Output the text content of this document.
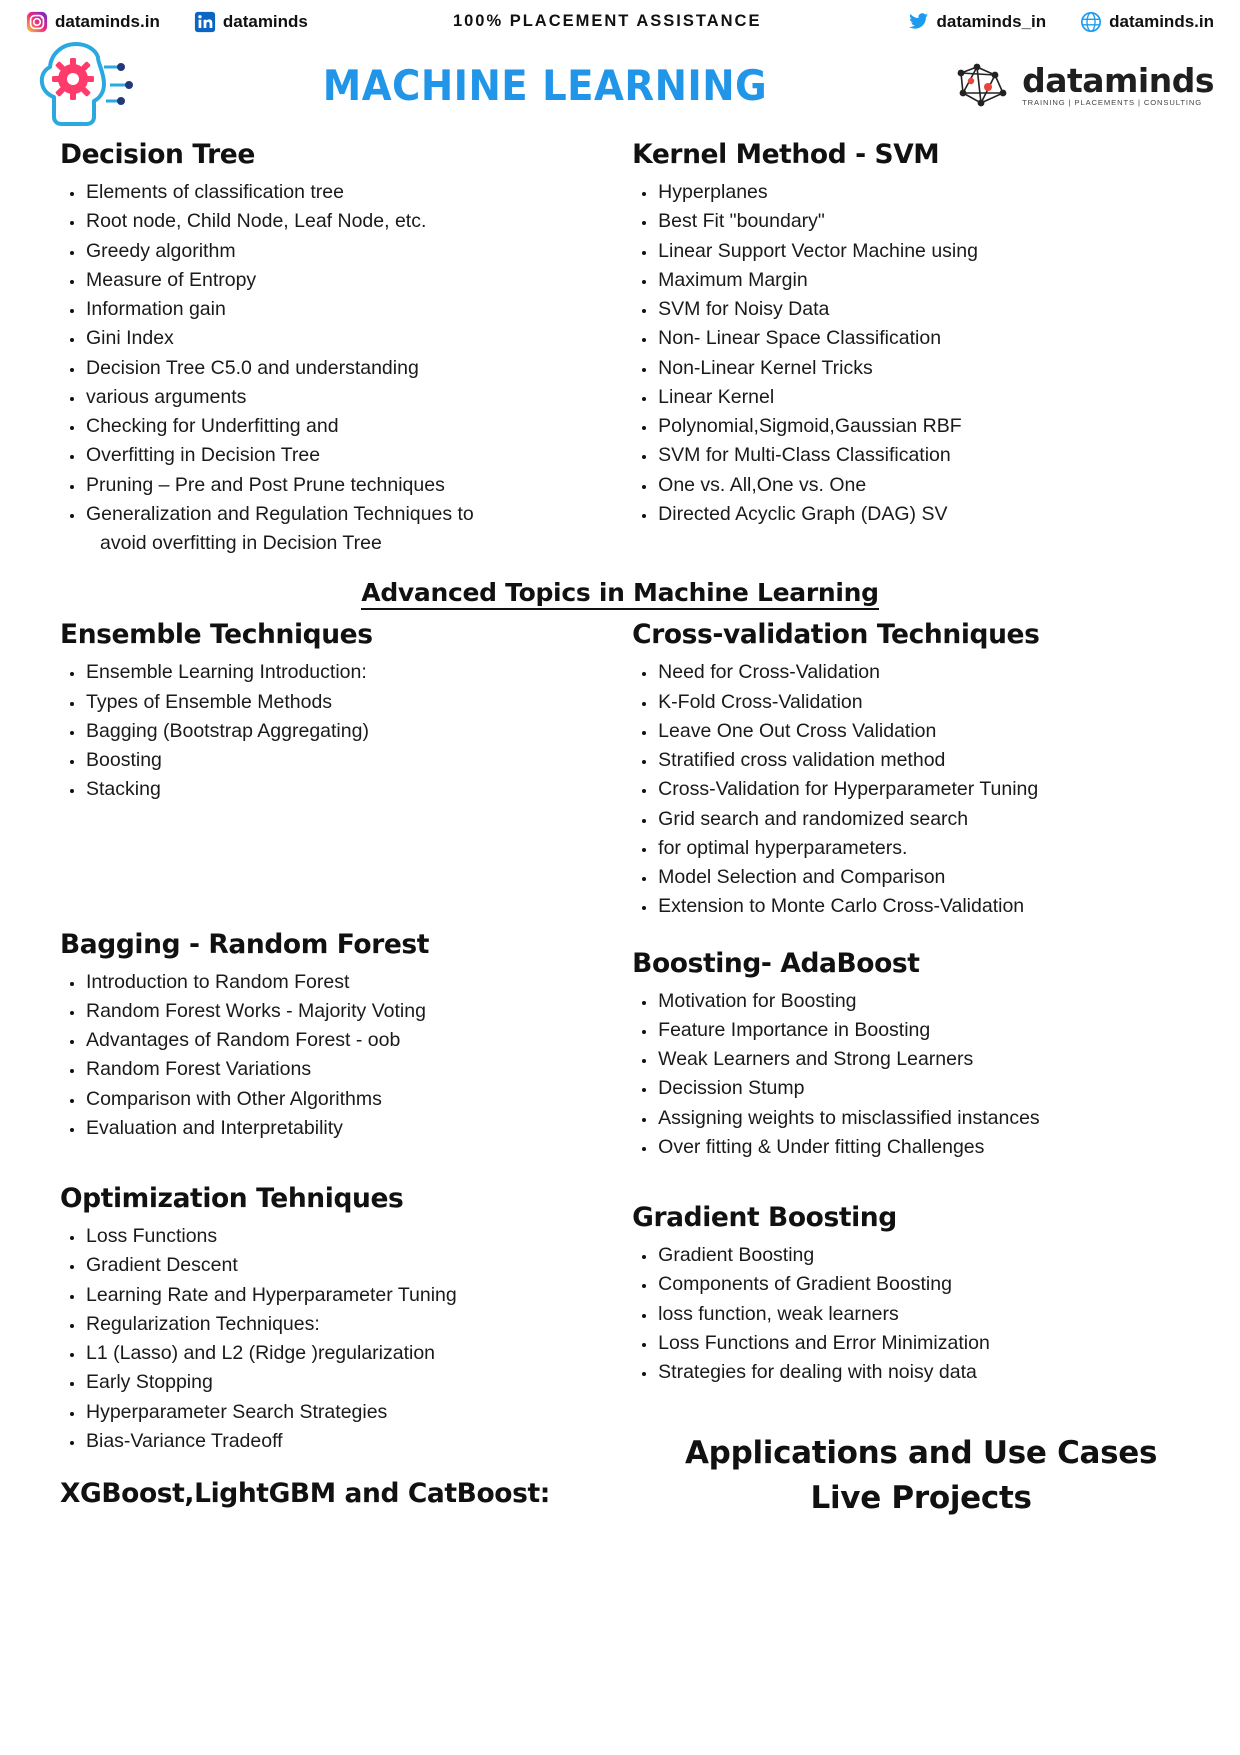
dataminds.in	dataminds	100% PLACEMENT ASSISTANCE	dataminds_in	dataminds.in
MACHINE LEARNING	dataminds
TRAINING | PLACEMENTS | CONSULTING
Decision Tree
Elements of classification tree
Root node, Child Node, Leaf Node, etc.
Greedy algorithm
Measure of Entropy
Information gain
Gini Index
Decision Tree C5.0 and understanding
various arguments
Checking for Underfitting and
Overfitting in Decision Tree
Pruning – Pre and Post Prune techniques
Generalization and Regulation Techniques to
avoid overfitting in Decision Tree
Kernel Method - SVM
Hyperplanes
Best Fit "boundary"
Linear Support Vector Machine using
Maximum Margin
SVM for Noisy Data
Non- Linear Space Classification
Non-Linear Kernel Tricks
Linear Kernel
Polynomial,Sigmoid,Gaussian RBF
SVM for Multi-Class Classification
One vs. All,One vs. One
Directed Acyclic Graph (DAG) SV
Advanced Topics in Machine Learning
Ensemble Techniques
Ensemble Learning Introduction:
Types of Ensemble Methods
Bagging (Bootstrap Aggregating)
Boosting
Stacking
Bagging - Random Forest
Introduction to Random Forest
Random Forest Works - Majority Voting
Advantages of Random Forest - oob
Random Forest Variations
Comparison with Other Algorithms
Evaluation and Interpretability
Optimization Tehniques
Loss Functions
Gradient Descent
Learning Rate and Hyperparameter Tuning
Regularization Techniques:
L1 (Lasso) and L2 (Ridge )regularization
Early Stopping
Hyperparameter Search Strategies
Bias-Variance Tradeoff
XGBoost,LightGBM and CatBoost:
Cross-validation Techniques
Need for Cross-Validation
K-Fold Cross-Validation
Leave One Out Cross Validation
Stratified cross validation method
Cross-Validation for Hyperparameter Tuning
Grid search and randomized search
for optimal hyperparameters.
Model Selection and Comparison
Extension to Monte Carlo Cross-Validation
Boosting- AdaBoost
Motivation for Boosting
Feature Importance in Boosting
Weak Learners and Strong Learners
Decission Stump
Assigning weights to misclassified instances
Over fitting & Under fitting Challenges
Gradient Boosting
Gradient Boosting
Components of Gradient Boosting
loss function, weak learners
Loss Functions and Error Minimization
Strategies for dealing with noisy data
Applications and Use Cases
Live Projects
